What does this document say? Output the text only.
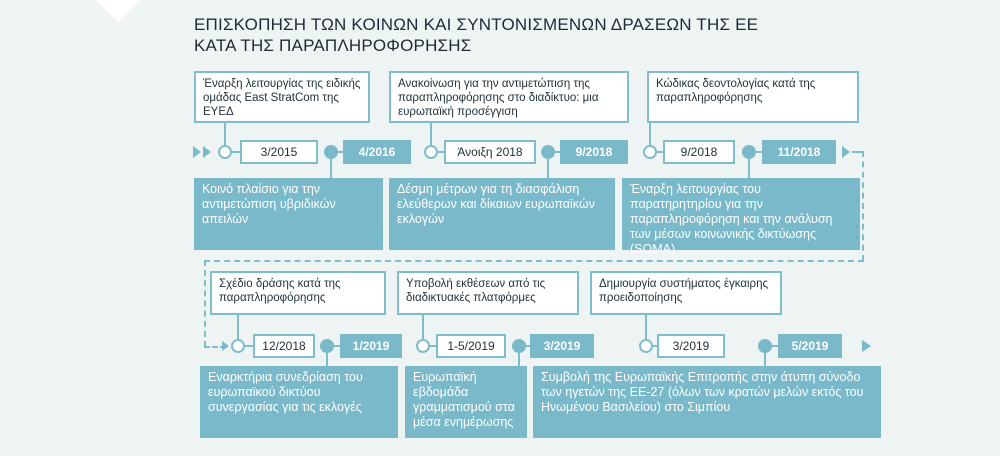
ΕΠΙΣΚΟΠΗΣΗ ΤΩΝ ΚΟΙΝΩΝ ΚΑΙ ΣΥΝΤΟΝΙΣΜΕΝΩΝ ΔΡΑΣΕΩΝ ΤΗΣ ΕΕ
ΚΑΤΑ ΤΗΣ ΠΑΡΑΠΛΗΡΟΦΟΡΗΣΗΣ
Έναρξη λειτουργίας της ειδικής ομάδας East StratCom της ΕΥΕΔ
Ανακοίνωση για την αντιμετώπιση της παραπληροφόρησης στο διαδίκτυο: μια ευρωπαϊκή προσέγγιση
Κώδικας δεοντολογίας κατά της παραπληροφόρησης
3/2015	4/2016	Άνοιξη 2018	9/2018	9/2018	11/2018
Κοινό πλαίσιο για την αντιμετώπιση υβριδικών απειλών
Δέσμη μέτρων για τη διασφάλιση ελεύθερων και δίκαιων ευρωπαϊκών εκλογών
Έναρξη λειτουργίας του παρατηρητηρίου για την παραπληροφόρηση και την ανάλυση των μέσων κοινωνικής δικτύωσης (SOMA)
Σχέδιο δράσης κατά της παραπληροφόρησης
Υποβολή εκθέσεων από τις διαδικτυακές πλατφόρμες
Δημιουργία συστήματος έγκαιρης προειδοποίησης
12/2018	1/2019	1-5/2019	3/2019	3/2019	5/2019
Εναρκτήρια συνεδρίαση του ευρωπαϊκού δικτύου συνεργασίας για τις εκλογές
Ευρωπαϊκή εβδομάδα γραμματισμού στα μέσα ενημέρωσης
Συμβολή της Ευρωπαϊκής Επιτροπής στην άτυπη σύνοδο των ηγετών της ΕΕ-27 (όλων των κρατών μελών εκτός του Ηνωμένου Βασιλείου) στο Σιμπίου
